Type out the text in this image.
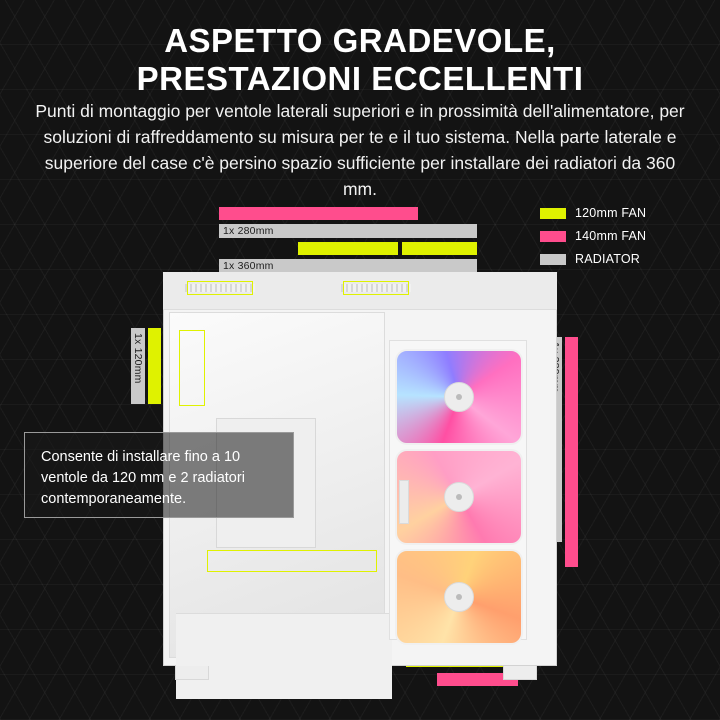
ASPETTO GRADEVOLE,
PRESTAZIONI ECCELLENTI
Punti di montaggio per ventole laterali superiori e in prossimità dell'alimentatore, per soluzioni di raffreddamento su misura per te e il tuo sistema. Nella parte laterale e superiore del case c'è persino spazio sufficiente per installare dei radiatori da 360 mm.
120mm FAN
140mm FAN
RADIATOR
1x 280mm
1x 360mm
1x 120mm
Consente di installare fino a 10 ventole da 120 mm e 2 radiatori contemporaneamente.
